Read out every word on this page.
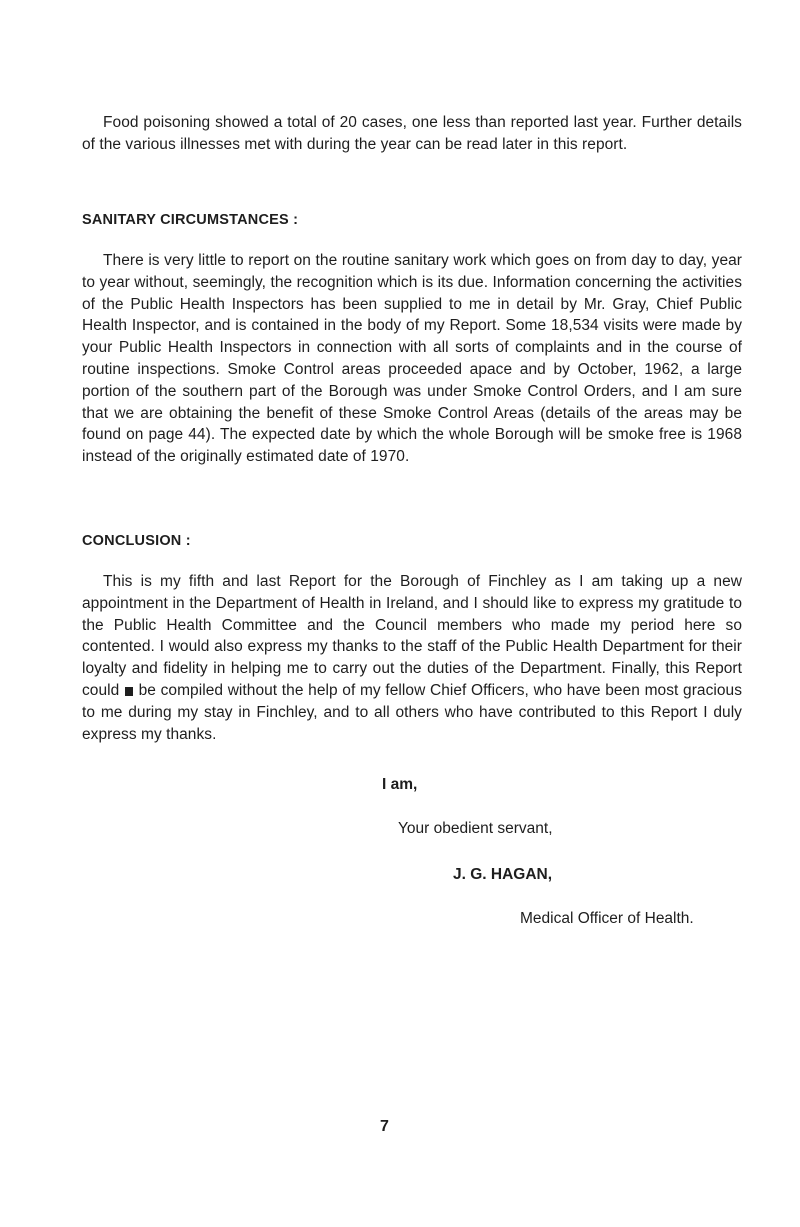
Food poisoning showed a total of 20 cases, one less than reported last year. Further details of the various illnesses met with during the year can be read later in this report.

SANITARY CIRCUMSTANCES :

There is very little to report on the routine sanitary work which goes on from day to day, year to year without, seemingly, the recognition which is its due. Information concerning the activities of the Public Health Inspectors has been supplied to me in detail by Mr. Gray, Chief Public Health Inspector, and is contained in the body of my Report. Some 18,534 visits were made by your Public Health Inspectors in connection with all sorts of complaints and in the course of routine inspections. Smoke Control areas proceeded apace and by October, 1962, a large portion of the southern part of the Borough was under Smoke Control Orders, and I am sure that we are obtaining the benefit of these Smoke Control Areas (details of the areas may be found on page 44). The expected date by which the whole Borough will be smoke free is 1968 instead of the originally estimated date of 1970.

CONCLUSION :

This is my fifth and last Report for the Borough of Finchley as I am taking up a new appointment in the Department of Health in Ireland, and I should like to express my gratitude to the Public Health Committee and the Council members who made my period here so contented. I would also express my thanks to the staff of the Public Health Department for their loyalty and fidelity in helping me to carry out the duties of the Department. Finally, this Report could be compiled without the help of my fellow Chief Officers, who have been most gracious to me during my stay in Finchley, and to all others who have contributed to this Report I duly express my thanks.

I am,

Your obedient servant,

J. G. HAGAN,

Medical Officer of Health.

7
